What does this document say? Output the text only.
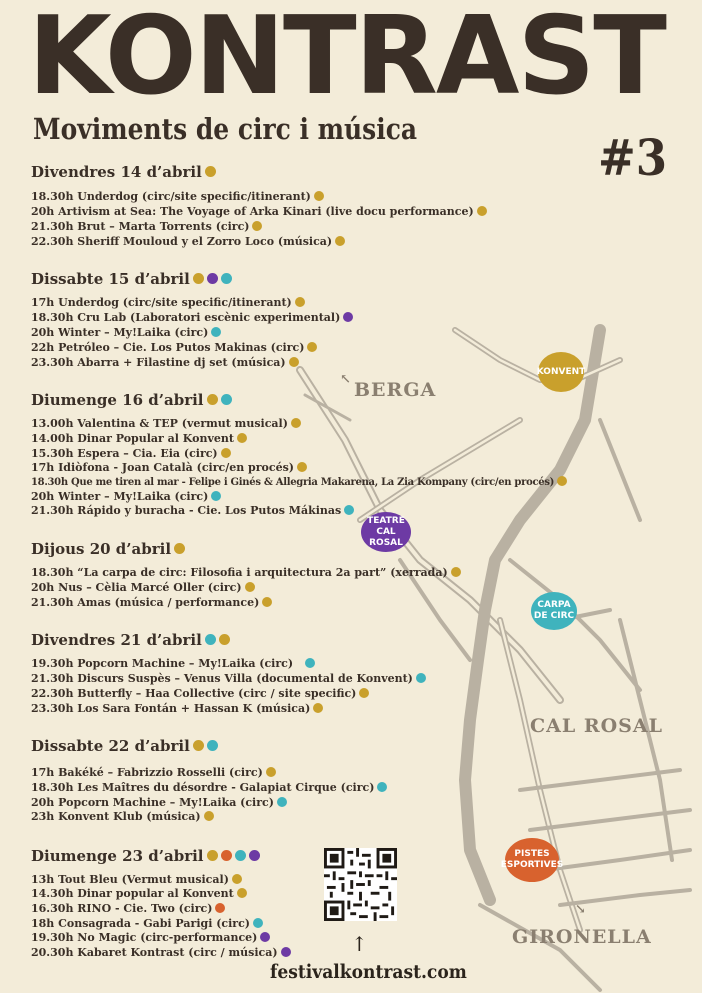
KONTRAST
Moviments de circ i música	#3
Divendres 14 d’abril
18.30h Underdog (circ/site specific/itinerant)
20h Artivism at Sea: The Voyage of Arka Kinari (live docu performance)
21.30h Brut – Marta Torrents (circ)
22.30h Sheriff Mouloud y el Zorro Loco (música)
Dissabte 15 d’abril
17h Underdog (circ/site specific/itinerant)
18.30h Cru Lab (Laboratori escènic experimental)
20h Winter – My!Laika (circ)
22h Petróleo – Cie. Los Putos Makinas (circ)
23.30h Abarra + Filastine dj set (música)
Diumenge 16 d’abril
13.00h Valentina & TEP (vermut musical)
14.00h Dinar Popular al Konvent
15.30h Espera – Cia. Eia (circ)
17h Idiòfona - Joan Català (circ/en procés)
18.30h Que me tiren al mar - Felipe i Ginés & Allegria Makarena, La Zia Kompany (circ/en procés)
20h Winter – My!Laika (circ)
21.30h Rápido y buracha - Cie. Los Putos Mákinas
Dijous 20 d’abril
18.30h “La carpa de circ: Filosofia i arquitectura 2a part” (xerrada)
20h Nus – Cèlia Marcé Oller (circ)
21.30h Amas (música / performance)
Divendres 21 d’abril
19.30h Popcorn Machine – My!Laika (circ)
21.30h Discurs Suspès – Venus Villa (documental de Konvent)
22.30h Butterfly – Haa Collective (circ / site specific)
23.30h Los Sara Fontán + Hassan K (música)
Dissabte 22 d’abril
17h Bakéké – Fabrizzio Rosselli (circ)
18.30h Les Maîtres du désordre - Galapiat Cirque (circ)
20h Popcorn Machine – My!Laika (circ)
23h Konvent Klub (música)
Diumenge 23 d’abril
13h Tout Bleu (Vermut musical)
14.30h Dinar popular al Konvent
16.30h RINO - Cie. Two (circ)
18h Consagrada - Gabi Parigi (circ)
19.30h No Magic (circ-performance)
20.30h Kabaret Kontrast (circ / música)
↖ BERGA
CAL ROSAL
↘
GIRONELLA
KONVENT
TEATRE CAL ROSAL
CARPA DE CIRC
PISTES ESPORTIVES
↑
festivalkontrast.com
